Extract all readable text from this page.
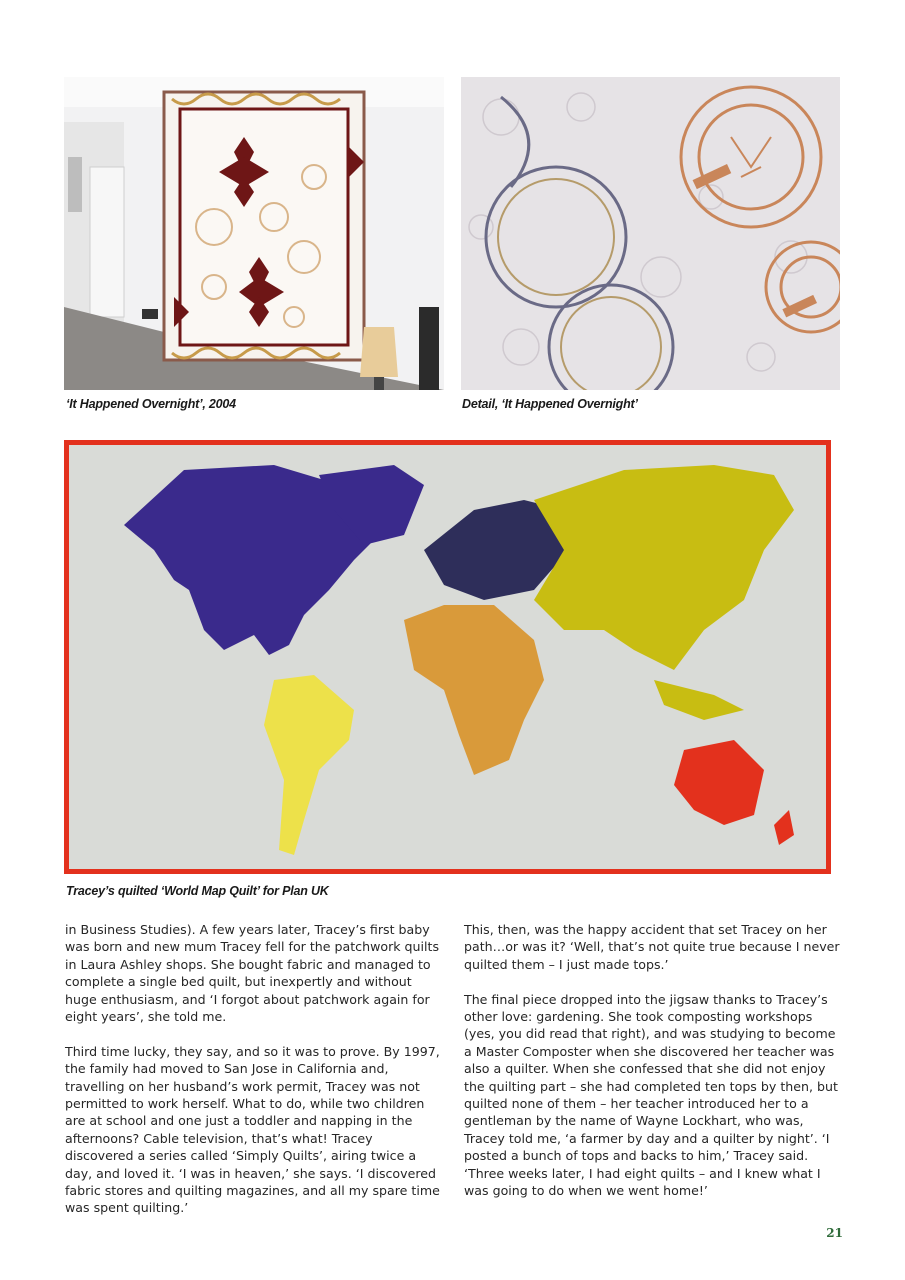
‘It Happened Overnight’, 2004	Detail, ‘It Happened Overnight’
Tracey’s quilted ‘World Map Quilt’ for Plan UK

in Business Studies). A few years later, Tracey’s first baby was born and new mum Tracey fell for the patchwork quilts in Laura Ashley shops. She bought fabric and managed to complete a single bed quilt, but inexpertly and without huge enthusiasm, and ‘I forgot about patchwork again for eight years’, she told me.

Third time lucky, they say, and so it was to prove. By 1997, the family had moved to San Jose in California and, travelling on her husband’s work permit, Tracey was not permitted to work herself. What to do, while two children are at school and one just a toddler and napping in the afternoons? Cable television, that’s what! Tracey discovered a series called ‘Simply Quilts’, airing twice a day, and loved it. ‘I was in heaven,’ she says. ‘I discovered fabric stores and quilting magazines, and all my spare time was spent quilting.’

This, then, was the happy accident that set Tracey on her path…or was it? ‘Well, that’s not quite true because I never quilted them – I just made tops.’

The final piece dropped into the jigsaw thanks to Tracey’s other love: gardening. She took composting workshops (yes, you did read that right), and was studying to become a Master Composter when she discovered her teacher was also a quilter. When she confessed that she did not enjoy the quilting part – she had completed ten tops by then, but quilted none of them – her teacher introduced her to a gentleman by the name of Wayne Lockhart, who was, Tracey told me, ‘a farmer by day and a quilter by night’. ‘I posted a bunch of tops and backs to him,’ Tracey said. ‘Three weeks later, I had eight quilts – and I knew what I was going to do when we went home!’

21
